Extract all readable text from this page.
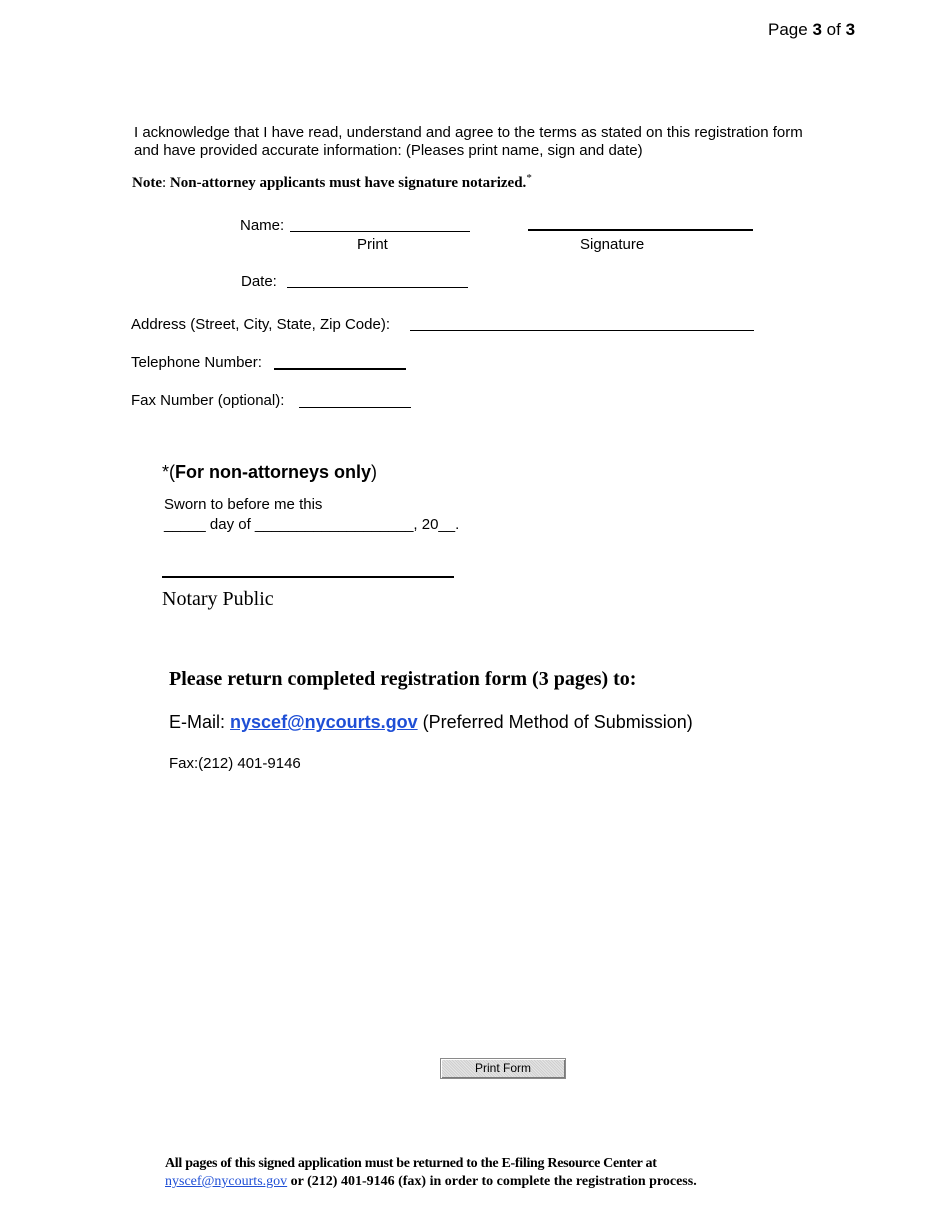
Page 3 of 3
I acknowledge that I have read, understand and agree to the terms as stated on this registration form
and have provided accurate information: (Pleases print name, sign and date)
Note: Non-attorney applicants must have signature notarized.*
Name:
Print	Signature
Date:
Address (Street, City, State, Zip Code):
Telephone Number:
Fax Number (optional):
*(For non-attorneys only)
Sworn to before me this
_____ day of ___________________, 20__.
Notary Public
Please return completed registration form (3 pages) to:
E-Mail: nyscef@nycourts.gov (Preferred Method of Submission)
Fax:(212) 401-9146
Print Form
All pages of this signed application must be returned to the E-filing Resource Center at
nyscef@nycourts.gov or (212) 401-9146 (fax) in order to complete the registration process.
